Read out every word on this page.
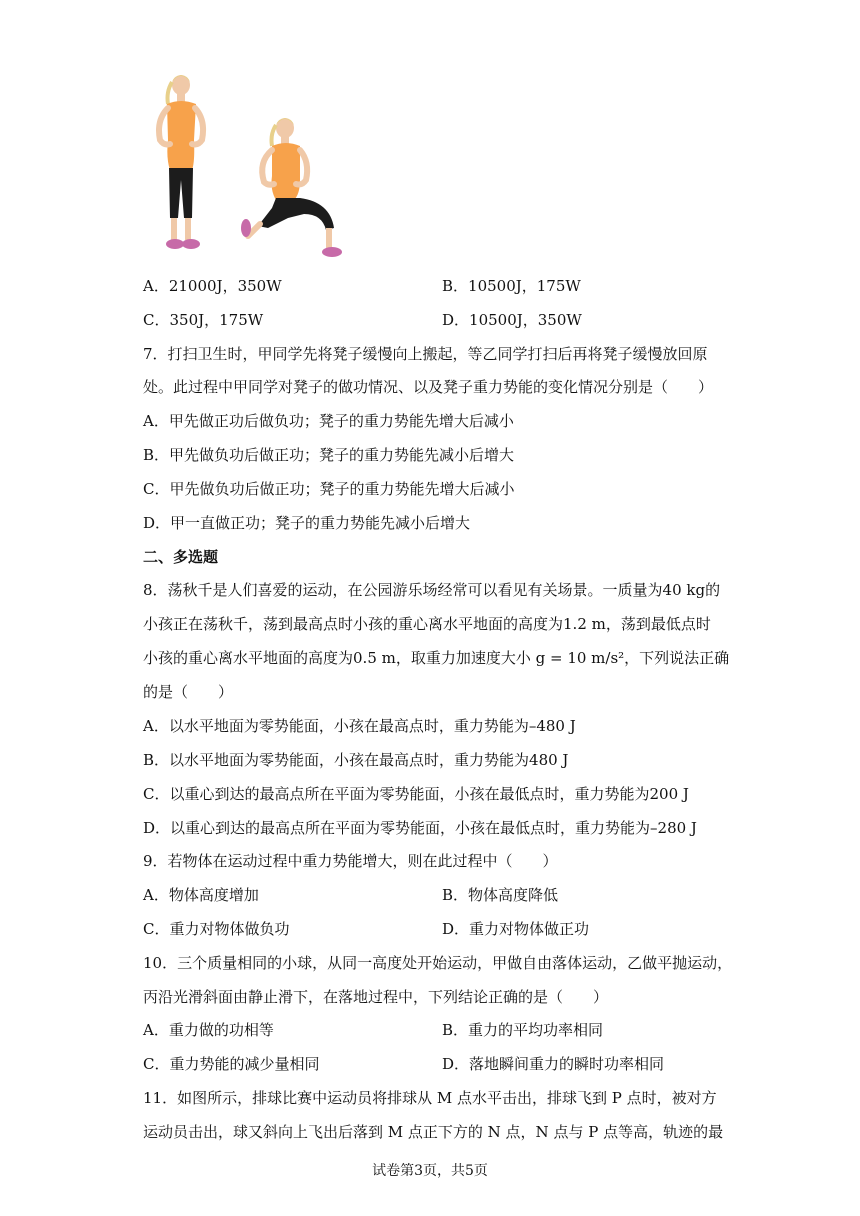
A．21000J，350W	B．10500J，175W
C．350J，175W	D．10500J，350W
7．打扫卫生时，甲同学先将凳子缓慢向上搬起，等乙同学打扫后再将凳子缓慢放回原
处。此过程中甲同学对凳子的做功情况、以及凳子重力势能的变化情况分别是（　　）
A．甲先做正功后做负功；凳子的重力势能先增大后减小
B．甲先做负功后做正功；凳子的重力势能先减小后增大
C．甲先做负功后做正功；凳子的重力势能先增大后减小
D．甲一直做正功；凳子的重力势能先减小后增大
二、多选题
8．荡秋千是人们喜爱的运动，在公园游乐场经常可以看见有关场景。一质量为40 kg的
小孩正在荡秋千，荡到最高点时小孩的重心离水平地面的高度为1.2 m，荡到最低点时
小孩的重心离水平地面的高度为0.5 m，取重力加速度大小 g = 10 m/s²，下列说法正确
的是（　　）
A．以水平地面为零势能面，小孩在最高点时，重力势能为–480 J
B．以水平地面为零势能面，小孩在最高点时，重力势能为480 J
C．以重心到达的最高点所在平面为零势能面，小孩在最低点时，重力势能为200 J
D．以重心到达的最高点所在平面为零势能面，小孩在最低点时，重力势能为–280 J
9．若物体在运动过程中重力势能增大，则在此过程中（　　）
A．物体高度增加	B．物体高度降低
C．重力对物体做负功	D．重力对物体做正功
10．三个质量相同的小球，从同一高度处开始运动，甲做自由落体运动，乙做平抛运动，
丙沿光滑斜面由静止滑下，在落地过程中，下列结论正确的是（　　）
A．重力做的功相等	B．重力的平均功率相同
C．重力势能的减少量相同	D．落地瞬间重力的瞬时功率相同
11．如图所示，排球比赛中运动员将排球从 M 点水平击出，排球飞到 P 点时，被对方
运动员击出，球又斜向上飞出后落到 M 点正下方的 N 点，N 点与 P 点等高，轨迹的最
试卷第3页，共5页
